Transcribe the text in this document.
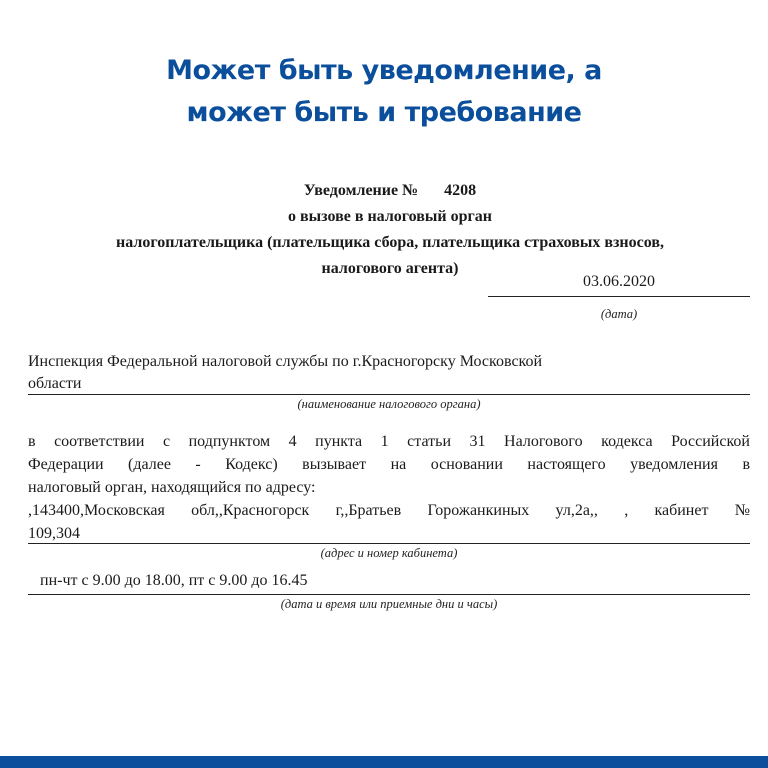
Может быть уведомление, а
может быть и требование
Уведомление № 4208
о вызове в налоговый орган
налогоплательщика (плательщика сбора, плательщика страховых взносов,
налогового агента)
03.06.2020
(дата)
Инспекция Федеральной налоговой службы по г.Красногорску Московской
области
(наименование налогового органа)
в соответствии с подпунктом 4 пункта 1 статьи 31 Налогового кодекса Российской
Федерации (далее - Кодекс) вызывает на основании настоящего уведомления в
налоговый орган, находящийся по адресу:
,143400,Московская обл,,Красногорск г,,Братьев Горожанкиных ул,2а,, , кабинет №
109,304
(адрес и номер кабинета)
пн-чт с 9.00 до 18.00, пт с 9.00 до 16.45
(дата и время или приемные дни и часы)
